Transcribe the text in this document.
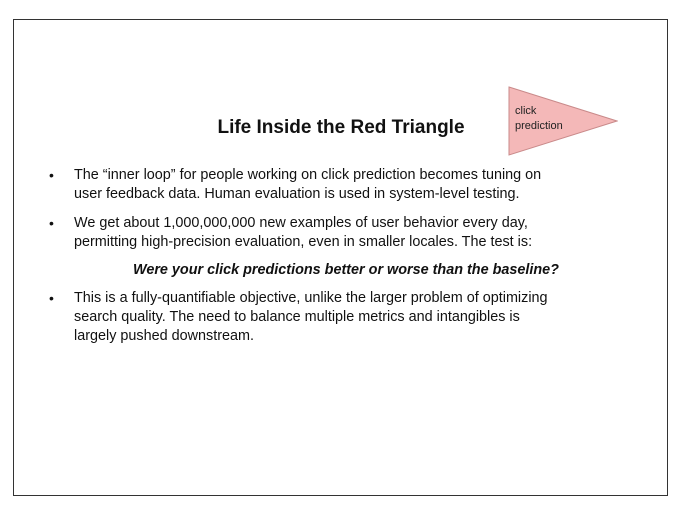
click
prediction
Life Inside the Red Triangle
• The “inner loop” for people working on click prediction becomes tuning on
user feedback data. Human evaluation is used in system-level testing.
• We get about 1,000,000,000 new examples of user behavior every day,
permitting high-precision evaluation, even in smaller locales. The test is:
Were your click predictions better or worse than the baseline?
• This is a fully-quantifiable objective, unlike the larger problem of optimizing
search quality. The need to balance multiple metrics and intangibles is
largely pushed downstream.
